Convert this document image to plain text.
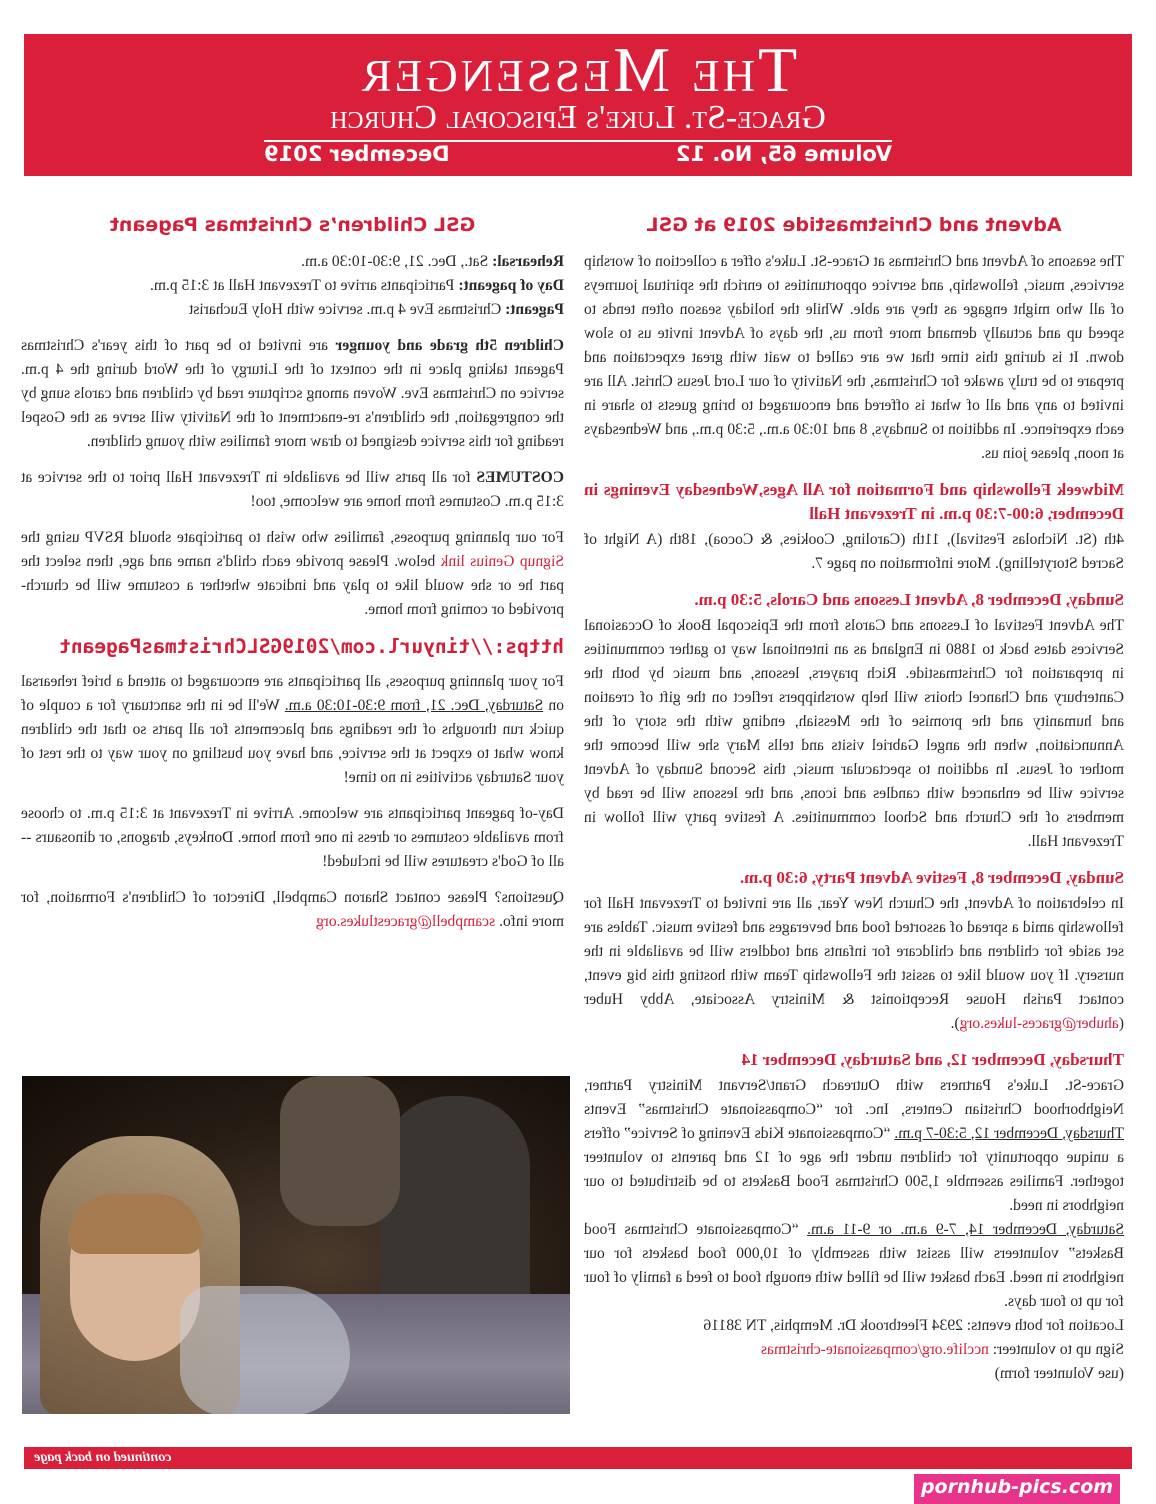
The Messenger
Grace-St. Luke's Episcopal Church
Volume 65, No. 12
December 2019
Advent and Christmastide 2019 at GSL

The seasons of Advent and Christmas at Grace-St. Luke's offer a collection of worship services, music, fellowship, and service opportunities to enrich the spiritual journeys of all who might engage as they are able. While the holiday season often tends to speed up and actually demand more from us, the days of Advent invite us to slow down. It is during this time that we are called to wait with great expectation and prepare to be truly awake for Christmas, the Nativity of our Lord Jesus Christ. All are invited to any and all of what is offered and encouraged to bring guests to share in each experience. In addition to Sundays, 8 and 10:30 a.m., 5:30 p.m., and Wednesdays at noon, please join us.

Midweek Fellowship and Formation for All Ages,Wednesday Evenings in December, 6:00-7:30 p.m. in Trezevant Hall

4th (St. Nicholas Festival), 11th (Caroling, Cookies, & Cocoa), 18th (A Night of Sacred Storytelling). More information on page 7.

Sunday, December 8, Advent Lessons and Carols, 5:30 p.m.

The Advent Festival of Lessons and Carols from the Episcopal Book of Occasional Services dates back to 1880 in England as an intentional way to gather communities in preparation for Christmastide. Rich prayers, lessons, and music by both the Canterbury and Chancel choirs will help worshippers reflect on the gift of creation and humanity and the promise of the Messiah, ending with the story of the Annunciation, when the angel Gabriel visits and tells Mary she will become the mother of Jesus. In addition to spectacular music, this Second Sunday of Advent service will be enhanced with candles and icons, and the lessons will be read by members of the Church and School communities. A festive party will follow in Trezevant Hall.

Sunday, December 8, Festive Advent Party, 6:30 p.m.

In celebration of Advent, the Church New Year, all are invited to Trezevant Hall for fellowship amid a spread of assorted food and beverages and festive music. Tables are set aside for children and childcare for infants and toddlers will be available in the nursery. If you would like to assist the Fellowship Team with hosting this big event, contact Parish House Receptionist & Ministry Associate, Abby Huber (ahuber@graces-lukes.org).

Thursday, December 12, and Saturday, December 14
Grace-St. Luke's Partners with Outreach Grant/Servant Ministry Partner, Neighborhood Christian Centers, Inc. for “Compassionate Christmas” Events Thursday, December 12, 5:30-7 p.m. “Compassionate Kids Evening of Service” offers a unique opportunity for children under the age of 12 and parents to volunteer together. Families assemble 1,500 Christmas Food Baskets to be distributed to our neighbors in need.
Saturday, December 14, 7-9 a.m. or 9-11 a.m. “Compassionate Christmas Food Baskets” volunteers will assist with assembly of 10,000 food baskets for our neighbors in need. Each basket will be filled with enough food to feed a family of four for up to four days.
Location for both events: 2934 Fleetbrook Dr. Memphis, TN 38116
Sign up to volunteer: ncclife.org/compassionate-christmas
(use Volunteer form)
GSL Children’s Christmas Pageant
Rehearsal: Sat., Dec. 21, 9:30-10:30 a.m.
Day of pageant: Participants arrive to Trezevant Hall at 3:15 p.m.
Pageant: Christmas Eve 4 p.m. service with Holy Eucharist

Children 5th grade and younger are invited to be part of this year's Christmas Pageant taking place in the context of the Liturgy of the Word during the 4 p.m. service on Christmas Eve. Woven among scripture read by children and carols sung by the congregation, the children's re-enactment of the Nativity will serve as the Gospel reading for this service designed to draw more families with young children.

COSTUMES for all parts will be available in Trezevant Hall prior to the service at 3:15 p.m. Costumes from home are welcome, too!

For our planning purposes, families who wish to participate should RSVP using the Signup Genius link below. Please provide each child's name and age, then select the part he or she would like to play and indicate whether a costume will be church-provided or coming from home.

https://tinyurl.com/2019GSLChristmasPageant

For your planning purposes, all participants are encouraged to attend a brief rehearsal on Saturday, Dec. 21, from 9:30-10:30 a.m. We'll be in the sanctuary for a couple of quick run throughs of the readings and placements for all parts so that the children know what to expect at the service, and have you bustling on your way to the rest of your Saturday activities in no time!

Day-of pageant participants are welcome. Arrive in Trezevant at 3:15 p.m. to choose from available costumes or dress in one from home. Donkeys, dragons, or dinosaurs -- all of God's creatures will be included!

Questions? Please contact Sharon Campbell, Director of Children's Formation, for more info. scampbell@gracestlukes.org

continued on back page
pornhub-pics.com
